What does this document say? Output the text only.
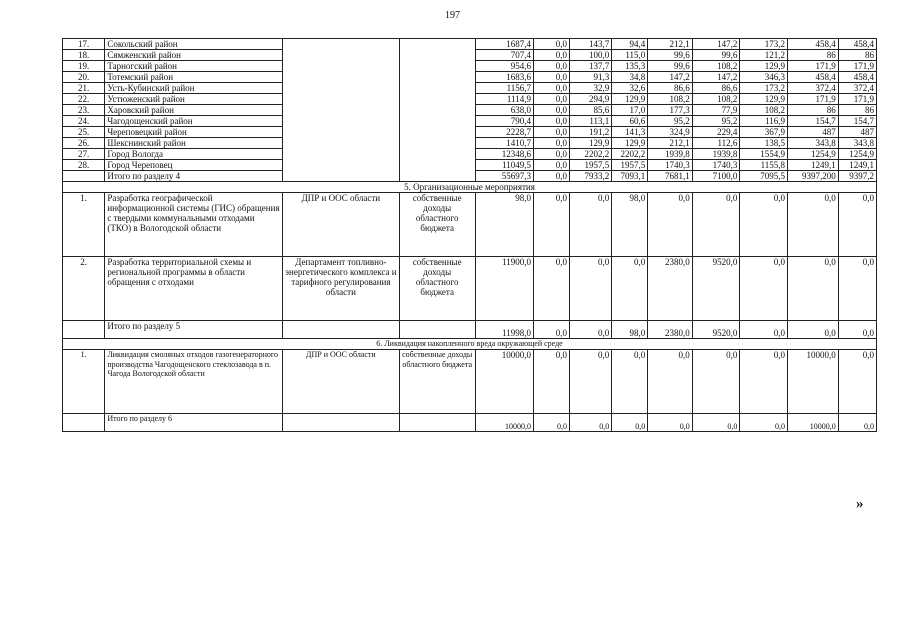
197
17.	Сокольский район			1687,4	0,0	143,7	94,4	212,1	147,2	173,2	458,4	458,4
18.	Сямженский район			707,4	0,0	100,0	115,0	99,6	99,6	121,2	86	86
19.	Тарногский район			954,6	0,0	137,7	135,3	99,6	108,2	129,9	171,9	171,9
20.	Тотемский район			1683,6	0,0	91,3	34,8	147,2	147,2	346,3	458,4	458,4
21.	Усть-Кубинский район			1156,7	0,0	32,9	32,6	86,6	86,6	173,2	372,4	372,4
22.	Устюженский район			1114,9	0,0	294,9	129,9	108,2	108,2	129,9	171,9	171,9
23.	Харовский район			638,0	0,0	85,6	17,0	177,3	77,9	108,2	86	86
24.	Чагодощенский район			790,4	0,0	113,1	60,6	95,2	95,2	116,9	154,7	154,7
25.	Череповецкий район			2228,7	0,0	191,2	141,3	324,9	229,4	367,9	487	487
26.	Шекснинский район			1410,7	0,0	129,9	129,9	212,1	112,6	138,5	343,8	343,8
27.	Город Вологда			12348,6	0,0	2202,2	2202,2	1939,8	1939,8	1554,9	1254,9	1254,9
28.	Город Череповец			11049,5	0,0	1957,5	1957,5	1740,3	1740,3	1155,8	1249,1	1249,1
	Итого по разделу 4			55697,3	0,0	7933,2	7093,1	7681,1	7100,0	7095,5	9397,200	9397,2
5. Организационные мероприятия												
1.	Разработка географической информационной системы (ГИС) обращения с твердыми коммунальными отходами (ТКО) в Вологодской области	ДПР и ООС области	собственные доходы областного бюджета	98,0	0,0	0,0	98,0	0,0	0,0	0,0	0,0	0,0
2.	Разработка территориальной схемы и региональной программы в области обращения с отходами	Департамент топливно-энергетического комплекса и тарифного регулирования области	собственные доходы областного бюджета	11900,0	0,0	0,0	0,0	2380,0	9520,0	0,0	0,0	0,0
	Итого по разделу 5			11998,0	0,0	0,0	98,0	2380,0	9520,0	0,0	0,0	0,0
6. Ликвидация накопленного вреда окружающей среде												
1.	Ликвидация смоляных отходов газогенераторного производства Чагодощенского стеклозавода в п. Чагода Вологодской области	ДПР и ООС области	собственные доходы областного бюджета	10000,0	0,0	0,0	0,0	0,0	0,0	0,0	10000,0	0,0
	Итого по разделу 6			10000,0	0,0	0,0	0,0	0,0	0,0	0,0	10000,0	0,0
»
